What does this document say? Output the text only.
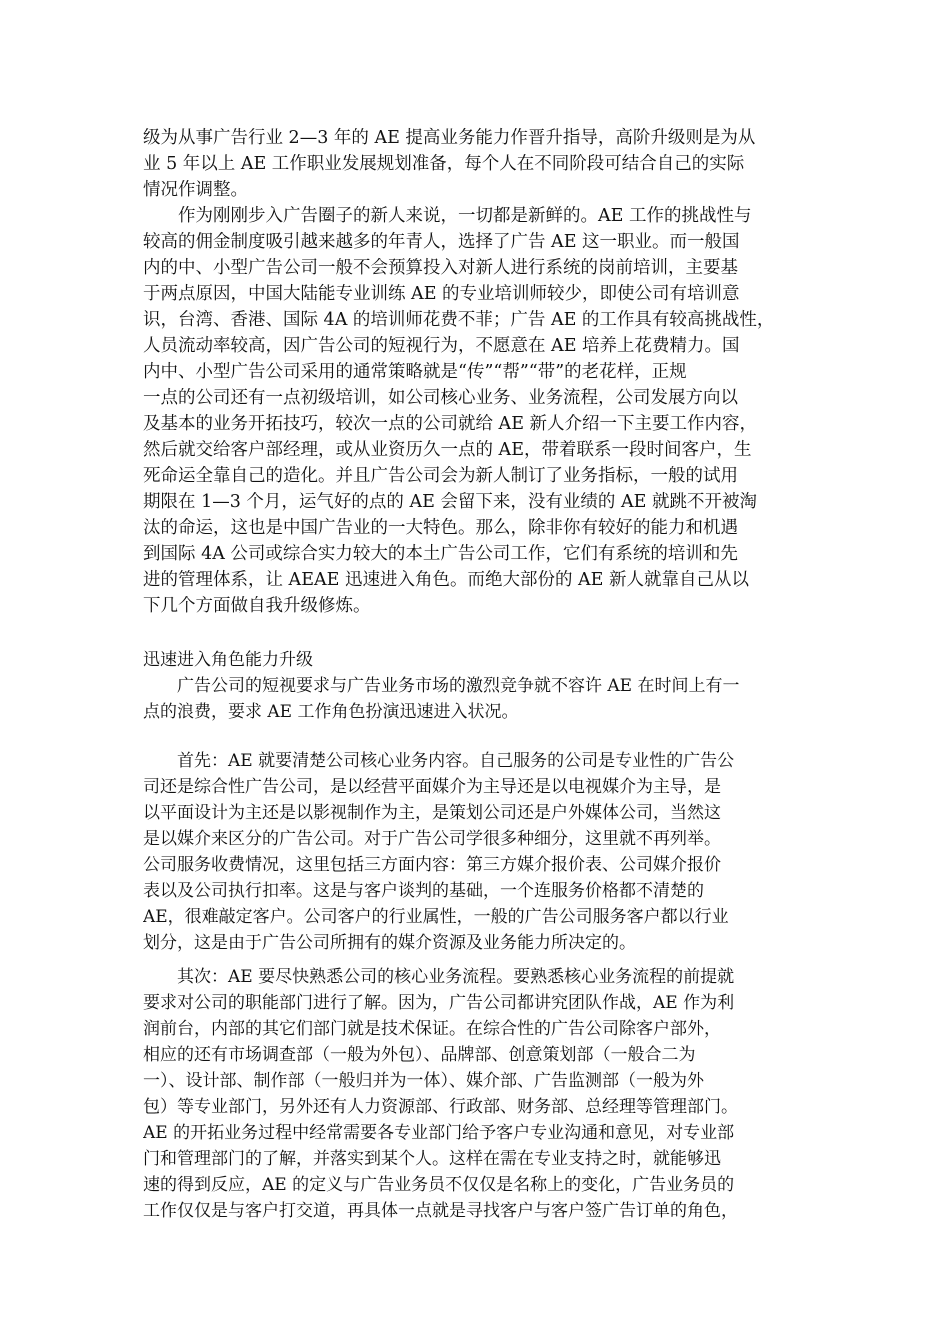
级为从事广告行业 2—3 年的 AE 提高业务能力作晋升指导，高阶升级则是为从
业 5 年以上 AE 工作职业发展规划准备，每个人在不同阶段可结合自己的实际
情况作调整。
　　作为刚刚步入广告圈子的新人来说，一切都是新鲜的。AE 工作的挑战性与
较高的佣金制度吸引越来越多的年青人，选择了广告 AE 这一职业。而一般国
内的中、小型广告公司一般不会预算投入对新人进行系统的岗前培训，主要基
于两点原因，中国大陆能专业训练 AE 的专业培训师较少，即使公司有培训意
识，台湾、香港、国际 4A 的培训师花费不菲；广告 AE 的工作具有较高挑战性，
人员流动率较高，因广告公司的短视行为，不愿意在 AE 培养上花费精力。国
内中、小型广告公司采用的通常策略就是“传”“帮”“带”的老花样，正规
一点的公司还有一点初级培训，如公司核心业务、业务流程，公司发展方向以
及基本的业务开拓技巧，较次一点的公司就给 AE 新人介绍一下主要工作内容，
然后就交给客户部经理，或从业资历久一点的 AE，带着联系一段时间客户，生
死命运全靠自己的造化。并且广告公司会为新人制订了业务指标，一般的试用
期限在 1—3 个月，运气好的点的 AE 会留下来，没有业绩的 AE 就跳不开被淘
汰的命运，这也是中国广告业的一大特色。那么，除非你有较好的能力和机遇
到国际 4A 公司或综合实力较大的本土广告公司工作，它们有系统的培训和先
进的管理体系，让 AEAE 迅速进入角色。而绝大部份的 AE 新人就靠自己从以
下几个方面做自我升级修炼。
迅速进入角色能力升级
　　广告公司的短视要求与广告业务市场的激烈竞争就不容许 AE 在时间上有一
点的浪费，要求 AE 工作角色扮演迅速进入状况。
　　首先：AE 就要清楚公司核心业务内容。自己服务的公司是专业性的广告公
司还是综合性广告公司，是以经营平面媒介为主导还是以电视媒介为主导，是
以平面设计为主还是以影视制作为主，是策划公司还是户外媒体公司，当然这
是以媒介来区分的广告公司。对于广告公司学很多种细分，这里就不再列举。
公司服务收费情况，这里包括三方面内容：第三方媒介报价表、公司媒介报价
表以及公司执行扣率。这是与客户谈判的基础，一个连服务价格都不清楚的
AE，很难敲定客户。公司客户的行业属性，一般的广告公司服务客户都以行业
划分，这是由于广告公司所拥有的媒介资源及业务能力所决定的。
　　其次：AE 要尽快熟悉公司的核心业务流程。要熟悉核心业务流程的前提就
要求对公司的职能部门进行了解。因为，广告公司都讲究团队作战，AE 作为利
润前台，内部的其它们部门就是技术保证。在综合性的广告公司除客户部外，
相应的还有市场调查部（一般为外包）、品牌部、创意策划部（一般合二为
一）、设计部、制作部（一般归并为一体）、媒介部、广告监测部（一般为外
包）等专业部门，另外还有人力资源部、行政部、财务部、总经理等管理部门。
AE 的开拓业务过程中经常需要各专业部门给予客户专业沟通和意见，对专业部
门和管理部门的了解，并落实到某个人。这样在需在专业支持之时，就能够迅
速的得到反应，AE 的定义与广告业务员不仅仅是名称上的变化，广告业务员的
工作仅仅是与客户打交道，再具体一点就是寻找客户与客户签广告订单的角色，
